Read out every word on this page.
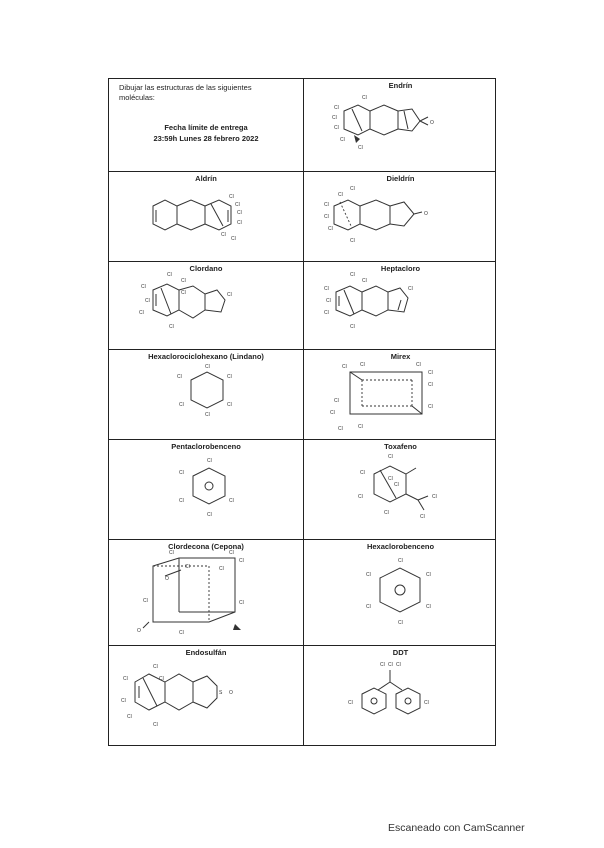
Dibujar las estructuras de las siguientes
moléculas:
Fecha límite de entrega
23:59h Lunes 28 febrero 2022
Endrín
Cl
Cl
Cl
Cl
Cl
Cl
O
Aldrín
Cl
Cl
Cl
Cl
Cl
Cl
Dieldrín
O
Cl
Cl
Cl
Cl
Cl
Cl
Clordano
Cl
Cl
Cl
Cl
Cl
Cl
Cl
Cl
Heptacloro
Cl
Cl
Cl
Cl
Cl
Cl
Cl
Hexaclorociclohexano (Lindano)
Cl
Cl	Cl
Cl	Cl
Cl
Mirex
Cl	Cl	Cl
Cl
Cl
Cl
Cl
Cl
Cl
Cl
Pentaclorobenceno
Cl
Cl
Cl	Cl
Cl
Toxafeno
Cl
Cl
Cl
Cl
Cl	Cl
Cl
Cl
Clordecona (Cepona)
Cl	Cl
Cl
Cl	Cl
O
Cl	Cl
O	Cl
Hexaclorobenceno
Cl
Cl	Cl
Cl	Cl
Cl
Endosulfán
S O
Cl
Cl	Cl
Cl
Cl
Cl
DDT
Cl Cl Cl
Cl	Cl
Escaneado con CamScanner
